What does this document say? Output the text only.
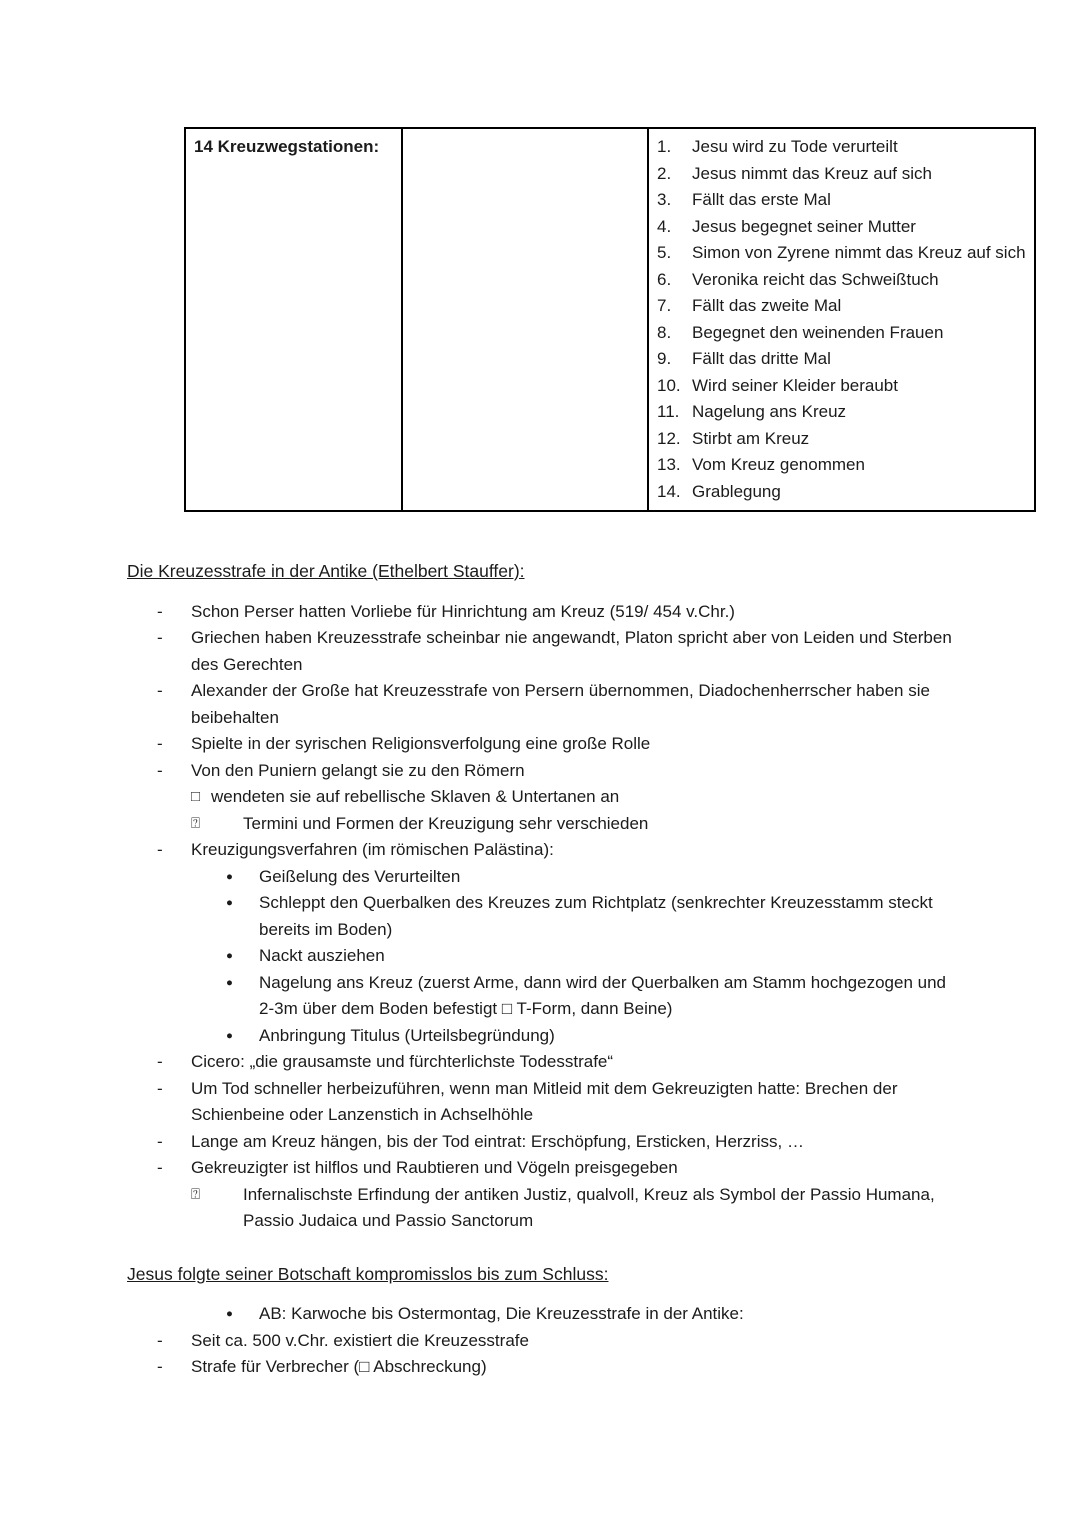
14 Kreuzwegstationen:		1.	Jesu wird zu Tode verurteilt
2.	Jesus nimmt das Kreuz auf sich
3.	Fällt das erste Mal
4.	Jesus begegnet seiner Mutter
5.	Simon von Zyrene nimmt das Kreuz auf sich
6.	Veronika reicht das Schweißtuch
7.	Fällt das zweite Mal
8.	Begegnet den weinenden Frauen
9.	Fällt das dritte Mal
10. Wird seiner Kleider beraubt
11. Nagelung ans Kreuz
12. Stirbt am Kreuz
13. Vom Kreuz genommen
14. Grablegung
Die Kreuzesstrafe in der Antike (Ethelbert Stauffer):
-	Schon Perser hatten Vorliebe für Hinrichtung am Kreuz (519/ 454 v.Chr.)
-	Griechen haben Kreuzesstrafe scheinbar nie angewandt, Platon spricht aber von Leiden und Sterben des Gerechten
-	Alexander der Große hat Kreuzesstrafe von Persern übernommen, Diadochenherrscher haben sie beibehalten
-	Spielte in der syrischen Religionsverfolgung eine große Rolle
-	Von den Puniern gelangt sie zu den Römern
□ wendeten sie auf rebellische Sklaven & Untertanen an
⍰	Termini und Formen der Kreuzigung sehr verschieden
-	Kreuzigungsverfahren (im römischen Palästina):
●	Geißelung des Verurteilten
●	Schleppt den Querbalken des Kreuzes zum Richtplatz (senkrechter Kreuzesstamm steckt bereits im Boden)
●	Nackt ausziehen
●	Nagelung ans Kreuz (zuerst Arme, dann wird der Querbalken am Stamm hochgezogen und 2-3m über dem Boden befestigt □ T-Form, dann Beine)
●	Anbringung Titulus (Urteilsbegründung)
-	Cicero: „die grausamste und fürchterlichste Todesstrafe“
-	Um Tod schneller herbeizuführen, wenn man Mitleid mit dem Gekreuzigten hatte: Brechen der Schienbeine oder Lanzenstich in Achselhöhle
-	Lange am Kreuz hängen, bis der Tod eintrat: Erschöpfung, Ersticken, Herzriss, …
-	Gekreuzigter ist hilflos und Raubtieren und Vögeln preisgegeben
⍰	Infernalischste Erfindung der antiken Justiz, qualvoll, Kreuz als Symbol der Passio Humana, Passio Judaica und Passio Sanctorum
Jesus folgte seiner Botschaft kompromisslos bis zum Schluss:
●	AB: Karwoche bis Ostermontag, Die Kreuzesstrafe in der Antike:
-	Seit ca. 500 v.Chr. existiert die Kreuzesstrafe
-	Strafe für Verbrecher (□ Abschreckung)
